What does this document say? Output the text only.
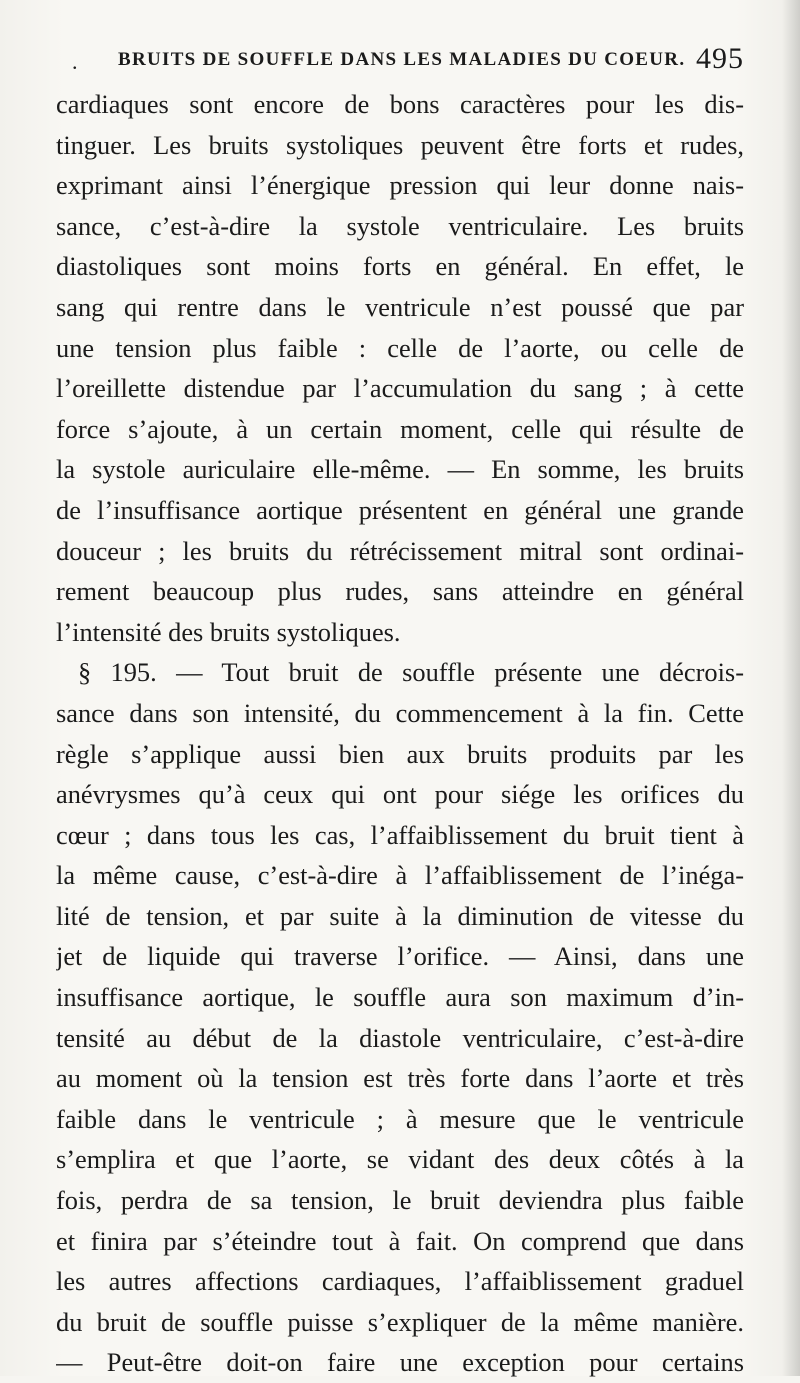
. BRUITS DE SOUFFLE DANS LES MALADIES DU COEUR. 495
cardiaques sont encore de bons caractères pour les dis-
tinguer. Les bruits systoliques peuvent être forts et rudes,
exprimant ainsi l’énergique pression qui leur donne nais-
sance, c’est-à-dire la systole ventriculaire. Les bruits
diastoliques sont moins forts en général. En effet, le
sang qui rentre dans le ventricule n’est poussé que par
une tension plus faible : celle de l’aorte, ou celle de
l’oreillette distendue par l’accumulation du sang ; à cette
force s’ajoute, à un certain moment, celle qui résulte de
la systole auriculaire elle-même. — En somme, les bruits
de l’insuffisance aortique présentent en général une grande
douceur ; les bruits du rétrécissement mitral sont ordinai-
rement beaucoup plus rudes, sans atteindre en général
l’intensité des bruits systoliques.
§ 195. — Tout bruit de souffle présente une décrois-
sance dans son intensité, du commencement à la fin. Cette
règle s’applique aussi bien aux bruits produits par les
anévrysmes qu’à ceux qui ont pour siége les orifices du
cœur ; dans tous les cas, l’affaiblissement du bruit tient à
la même cause, c’est-à-dire à l’affaiblissement de l’inéga-
lité de tension, et par suite à la diminution de vitesse du
jet de liquide qui traverse l’orifice. — Ainsi, dans une
insuffisance aortique, le souffle aura son maximum d’in-
tensité au début de la diastole ventriculaire, c’est-à-dire
au moment où la tension est très forte dans l’aorte et très
faible dans le ventricule ; à mesure que le ventricule
s’emplira et que l’aorte, se vidant des deux côtés à la
fois, perdra de sa tension, le bruit deviendra plus faible
et finira par s’éteindre tout à fait. On comprend que dans
les autres affections cardiaques, l’affaiblissement graduel
du bruit de souffle puisse s’expliquer de la même manière.
— Peut-être doit-on faire une exception pour certains
